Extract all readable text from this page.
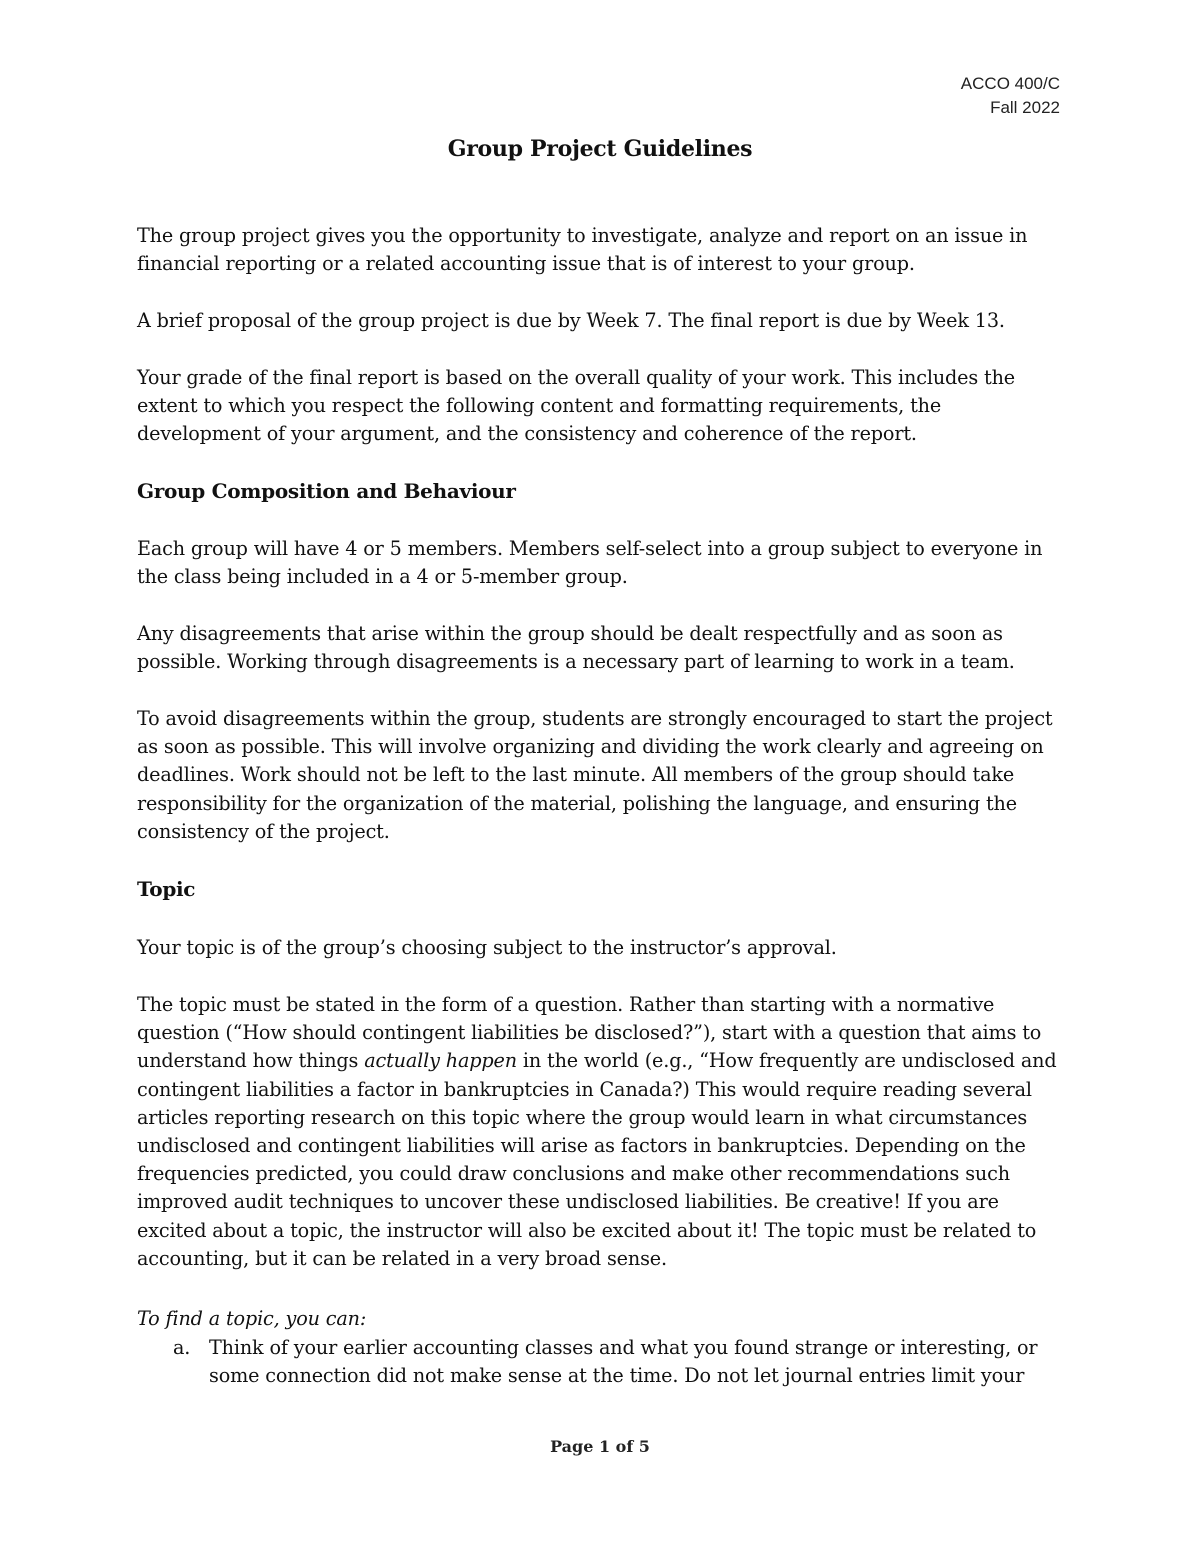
ACCO 400/C
Fall 2022
Group Project Guidelines

The group project gives you the opportunity to investigate, analyze and report on an issue in financial reporting or a related accounting issue that is of interest to your group.

A brief proposal of the group project is due by Week 7. The final report is due by Week 13.

Your grade of the final report is based on the overall quality of your work. This includes the extent to which you respect the following content and formatting requirements, the development of your argument, and the consistency and coherence of the report.

Group Composition and Behaviour

Each group will have 4 or 5 members. Members self-select into a group subject to everyone in the class being included in a 4 or 5-member group.

Any disagreements that arise within the group should be dealt respectfully and as soon as possible. Working through disagreements is a necessary part of learning to work in a team.

To avoid disagreements within the group, students are strongly encouraged to start the project as soon as possible. This will involve organizing and dividing the work clearly and agreeing on deadlines. Work should not be left to the last minute. All members of the group should take responsibility for the organization of the material, polishing the language, and ensuring the consistency of the project.

Topic

Your topic is of the group’s choosing subject to the instructor’s approval.

The topic must be stated in the form of a question. Rather than starting with a normative question (“How should contingent liabilities be disclosed?”), start with a question that aims to understand how things actually happen in the world (e.g., “How frequently are undisclosed and contingent liabilities a factor in bankruptcies in Canada?) This would require reading several articles reporting research on this topic where the group would learn in what circumstances undisclosed and contingent liabilities will arise as factors in bankruptcies. Depending on the frequencies predicted, you could draw conclusions and make other recommendations such improved audit techniques to uncover these undisclosed liabilities. Be creative! If you are excited about a topic, the instructor will also be excited about it! The topic must be related to accounting, but it can be related in a very broad sense.

To find a topic, you can:

a. Think of your earlier accounting classes and what you found strange or interesting, or some connection did not make sense at the time. Do not let journal entries limit your
Page 1 of 5
